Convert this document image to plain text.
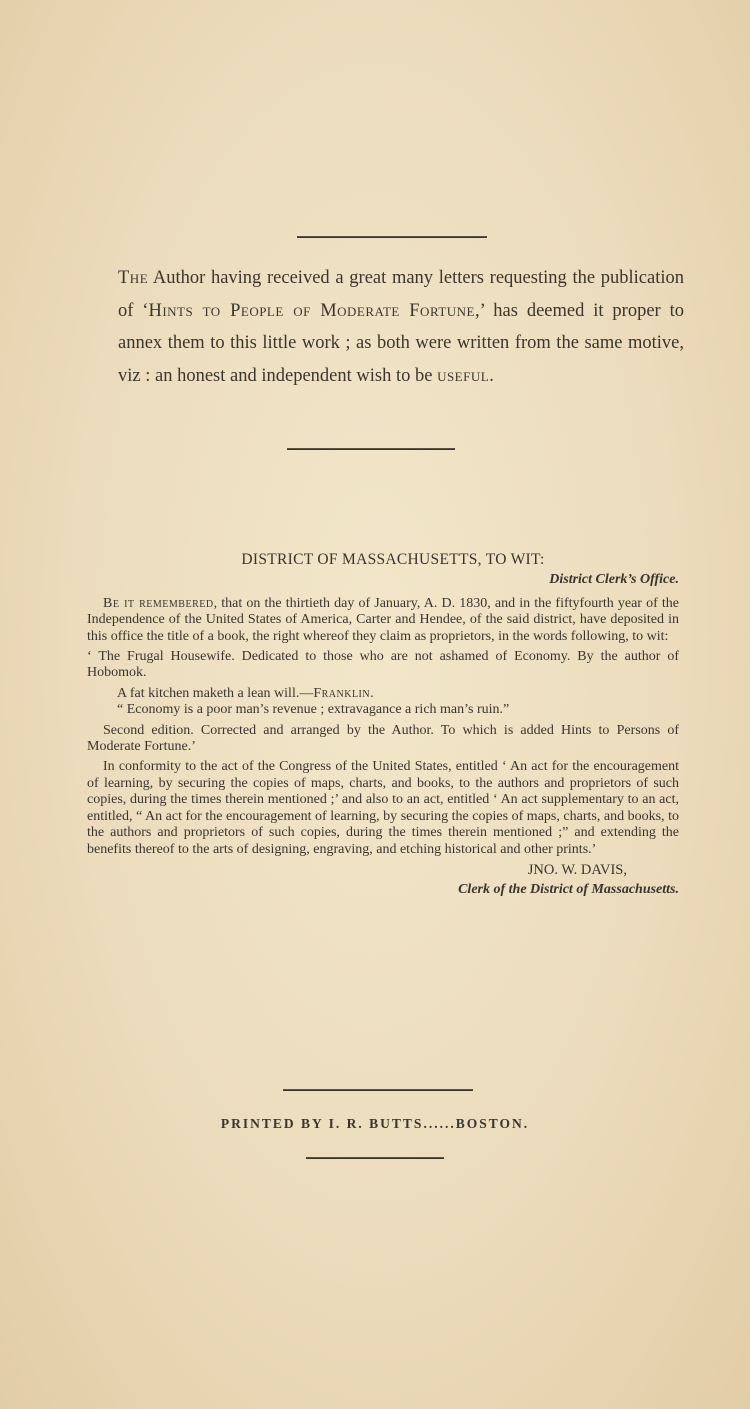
The Author having received a great many letters requesting the publication of ‘Hints to People of Moderate Fortune,’ has deemed it proper to annex them to this little work ; as both were written from the same motive, viz : an honest and independent wish to be useful.

DISTRICT OF MASSACHUSETTS, TO WIT:

District Clerk’s Office.

Be it remembered, that on the thirtieth day of January, A. D. 1830, and in the fiftyfourth year of the Independence of the United States of America, Carter and Hendee, of the said district, have deposited in this office the title of a book, the right whereof they claim as proprietors, in the words following, to wit:

‘ The Frugal Housewife. Dedicated to those who are not ashamed of Economy. By the author of Hobomok.

A fat kitchen maketh a lean will.—Franklin.

“ Economy is a poor man’s revenue ; extravagance a rich man’s ruin.”

Second edition. Corrected and arranged by the Author. To which is added Hints to Persons of Moderate Fortune.’

In conformity to the act of the Congress of the United States, entitled ‘ An act for the encouragement of learning, by securing the copies of maps, charts, and books, to the authors and proprietors of such copies, during the times therein mentioned ;’ and also to an act, entitled ‘ An act supplementary to an act, entitled, “ An act for the encouragement of learning, by securing the copies of maps, charts, and books, to the authors and proprietors of such copies, during the times therein mentioned ;” and extending the benefits thereof to the arts of designing, engraving, and etching historical and other prints.’

JNO. W. DAVIS,

Clerk of the District of Massachusetts.

PRINTED BY I. R. BUTTS......BOSTON.
